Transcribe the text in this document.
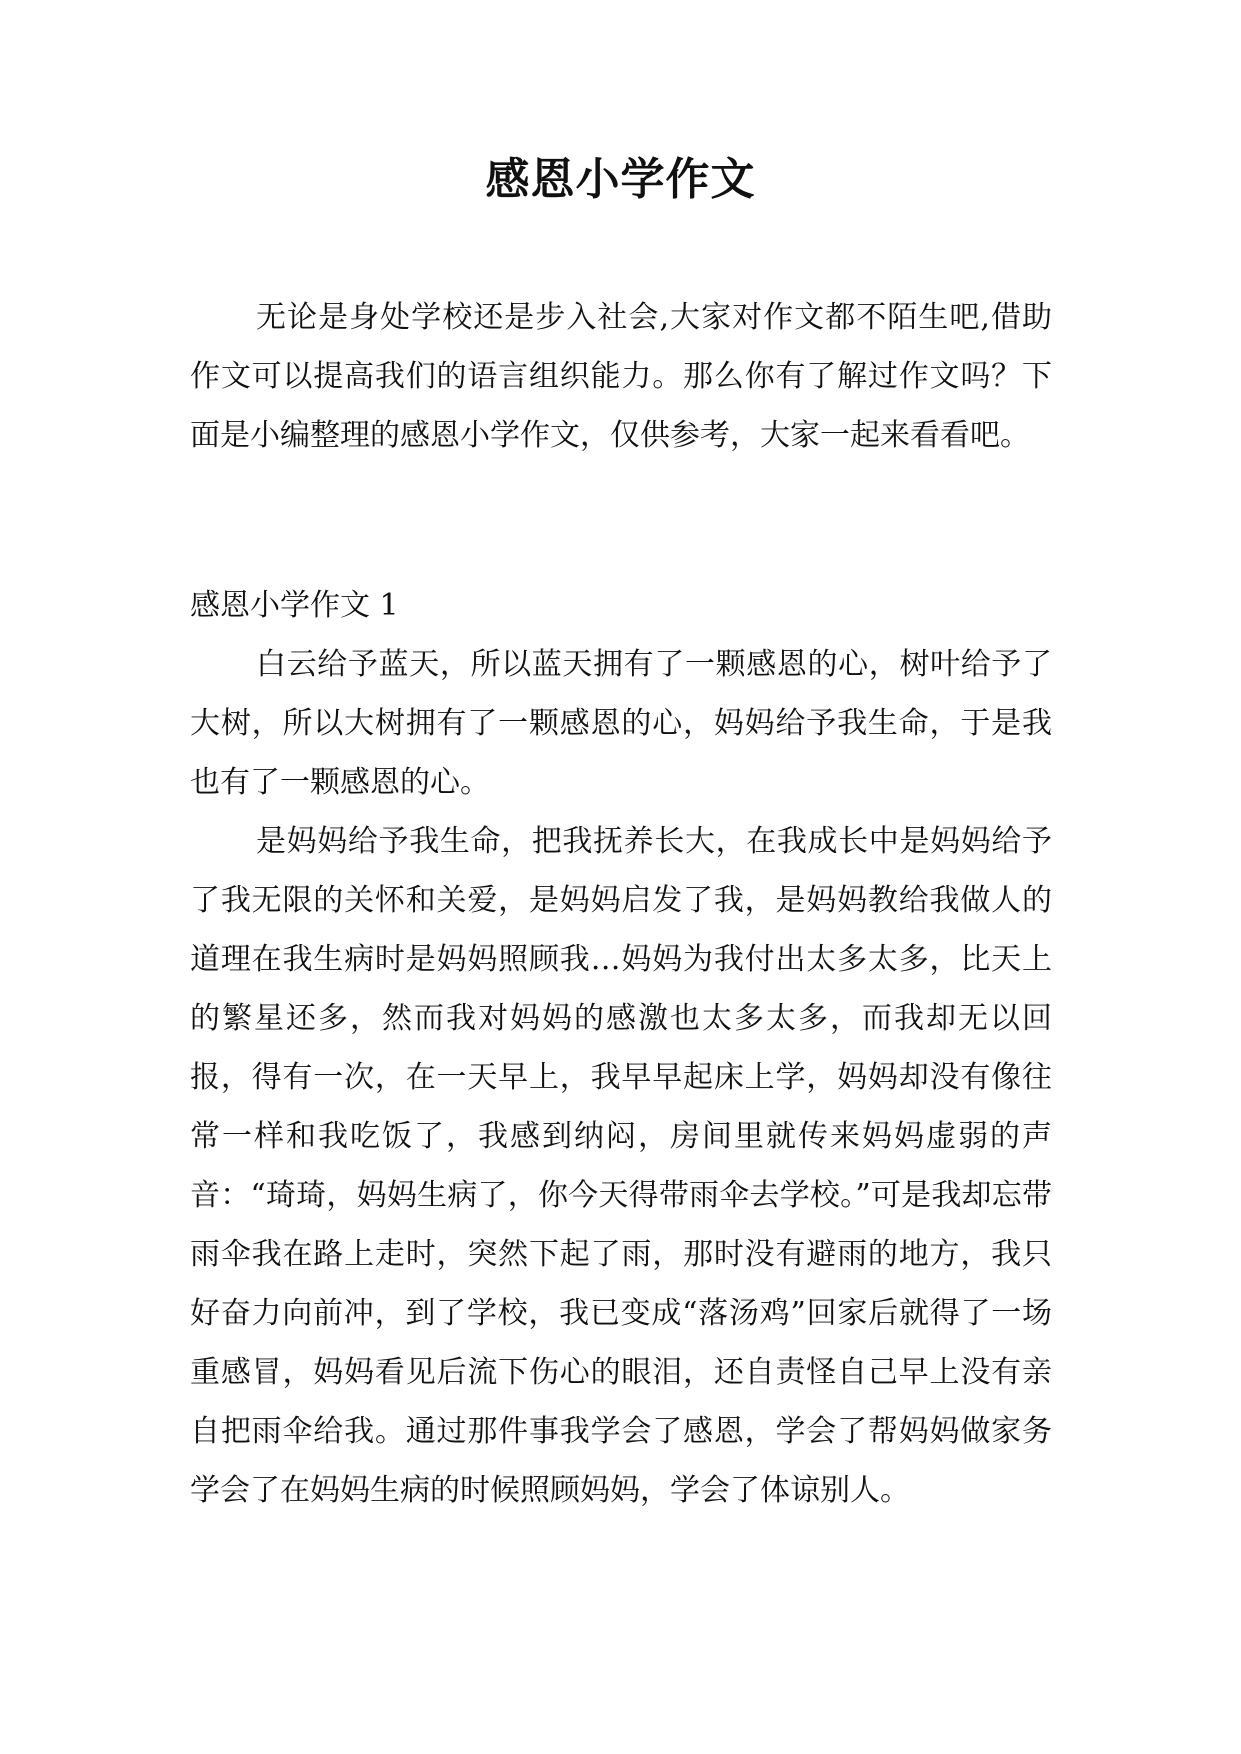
感恩小学作文

无论是身处学校还是步入社会,大家对作文都不陌生吧,借助作文可以提高我们的语言组织能力。那么你有了解过作文吗？下面是小编整理的感恩小学作文，仅供参考，大家一起来看看吧。

感恩小学作文 1

白云给予蓝天，所以蓝天拥有了一颗感恩的心，树叶给予了大树，所以大树拥有了一颗感恩的心，妈妈给予我生命，于是我也有了一颗感恩的心。

是妈妈给予我生命，把我抚养长大，在我成长中是妈妈给予了我无限的关怀和关爱，是妈妈启发了我，是妈妈教给我做人的道理在我生病时是妈妈照顾我…妈妈为我付出太多太多，比天上的繁星还多，然而我对妈妈的感激也太多太多，而我却无以回报，得有一次，在一天早上，我早早起床上学，妈妈却没有像往常一样和我吃饭了，我感到纳闷，房间里就传来妈妈虚弱的声音：“琦琦，妈妈生病了，你今天得带雨伞去学校。”可是我却忘带雨伞我在路上走时，突然下起了雨，那时没有避雨的地方，我只好奋力向前冲，到了学校，我已变成“落汤鸡”回家后就得了一场重感冒，妈妈看见后流下伤心的眼泪，还自责怪自己早上没有亲自把雨伞给我。通过那件事我学会了感恩，学会了帮妈妈做家务学会了在妈妈生病的时候照顾妈妈，学会了体谅别人。
